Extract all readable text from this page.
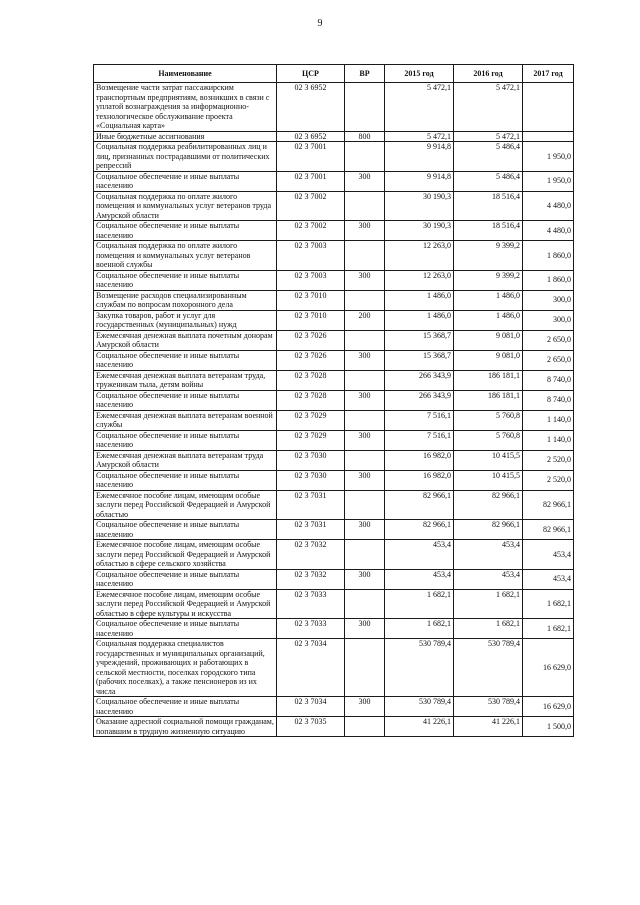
9
Наименование	ЦСР	ВР	2015 год	2016 год	2017 год
Возмещение части затрат пассажирским транспортным предприятиям, возникших в связи с уплатой вознаграждения за информационно-технологическое обслуживание проекта «Социальная карта»	02 3 6952		5 472,1	5 472,1	
Иные бюджетные ассигнования	02 3 6952	800	5 472,1	5 472,1	
Социальная поддержка реабилитированных лиц и лиц, признанных пострадавшими от политических репрессий	02 3 7001		9 914,8	5 486,4	1 950,0
Социальное обеспечение и иные выплаты населению	02 3 7001	300	9 914,8	5 486,4	1 950,0
Социальная поддержка по оплате жилого помещения и коммунальных услуг ветеранов труда Амурской области	02 3 7002		30 190,3	18 516,4	4 480,0
Социальное обеспечение и иные выплаты населению	02 3 7002	300	30 190,3	18 516,4	4 480,0
Социальная поддержка по оплате жилого помещения и коммунальных услуг ветеранов военной службы	02 3 7003		12 263,0	9 399,2	1 860,0
Социальное обеспечение и иные выплаты населению	02 3 7003	300	12 263,0	9 399,2	1 860,0
Возмещение расходов специализированным службам по вопросам похоронного дела	02 3 7010		1 486,0	1 486,0	300,0
Закупка товаров, работ и услуг для государственных (муниципальных) нужд	02 3 7010	200	1 486,0	1 486,0	300,0
Ежемесячная денежная выплата почетным донорам Амурской области	02 3 7026		15 368,7	9 081,0	2 650,0
Социальное обеспечение и иные выплаты населению	02 3 7026	300	15 368,7	9 081,0	2 650,0
Ежемесячная денежная выплата ветеранам труда, труженикам тыла, детям войны	02 3 7028		266 343,9	186 181,1	8 740,0
Социальное обеспечение и иные выплаты населению	02 3 7028	300	266 343,9	186 181,1	8 740,0
Ежемесячная денежная выплата ветеранам военной службы	02 3 7029		7 516,1	5 760,8	1 140,0
Социальное обеспечение и иные выплаты населению	02 3 7029	300	7 516,1	5 760,8	1 140,0
Ежемесячная денежная выплата ветеранам труда Амурской области	02 3 7030		16 982,0	10 415,5	2 520,0
Социальное обеспечение и иные выплаты населению	02 3 7030	300	16 982,0	10 415,5	2 520,0
Ежемесячное пособие лицам, имеющим особые заслуги перед Российской Федерацией и Амурской областью	02 3 7031		82 966,1	82 966,1	82 966,1
Социальное обеспечение и иные выплаты населению	02 3 7031	300	82 966,1	82 966,1	82 966,1
Ежемесячное пособие лицам, имеющим особые заслуги перед Российской Федерацией и Амурской областью в сфере сельского хозяйства	02 3 7032		453,4	453,4	453,4
Социальное обеспечение и иные выплаты населению	02 3 7032	300	453,4	453,4	453,4
Ежемесячное пособие лицам, имеющим особые заслуги перед Российской Федерацией и Амурской областью в сфере культуры и искусства	02 3 7033		1 682,1	1 682,1	1 682,1
Социальное обеспечение и иные выплаты населению	02 3 7033	300	1 682,1	1 682,1	1 682,1
Социальная поддержка специалистов государственных и муниципальных организаций, учреждений, проживающих и работающих в сельской местности, поселках городского типа (рабочих поселках), а также пенсионеров из их числа	02 3 7034		530 789,4	530 789,4	16 629,0
Социальное обеспечение и иные выплаты населению	02 3 7034	300	530 789,4	530 789,4	16 629,0
Оказание адресной социальной помощи гражданам, попавшим в трудную жизненную ситуацию	02 3 7035		41 226,1	41 226,1	1 500,0
